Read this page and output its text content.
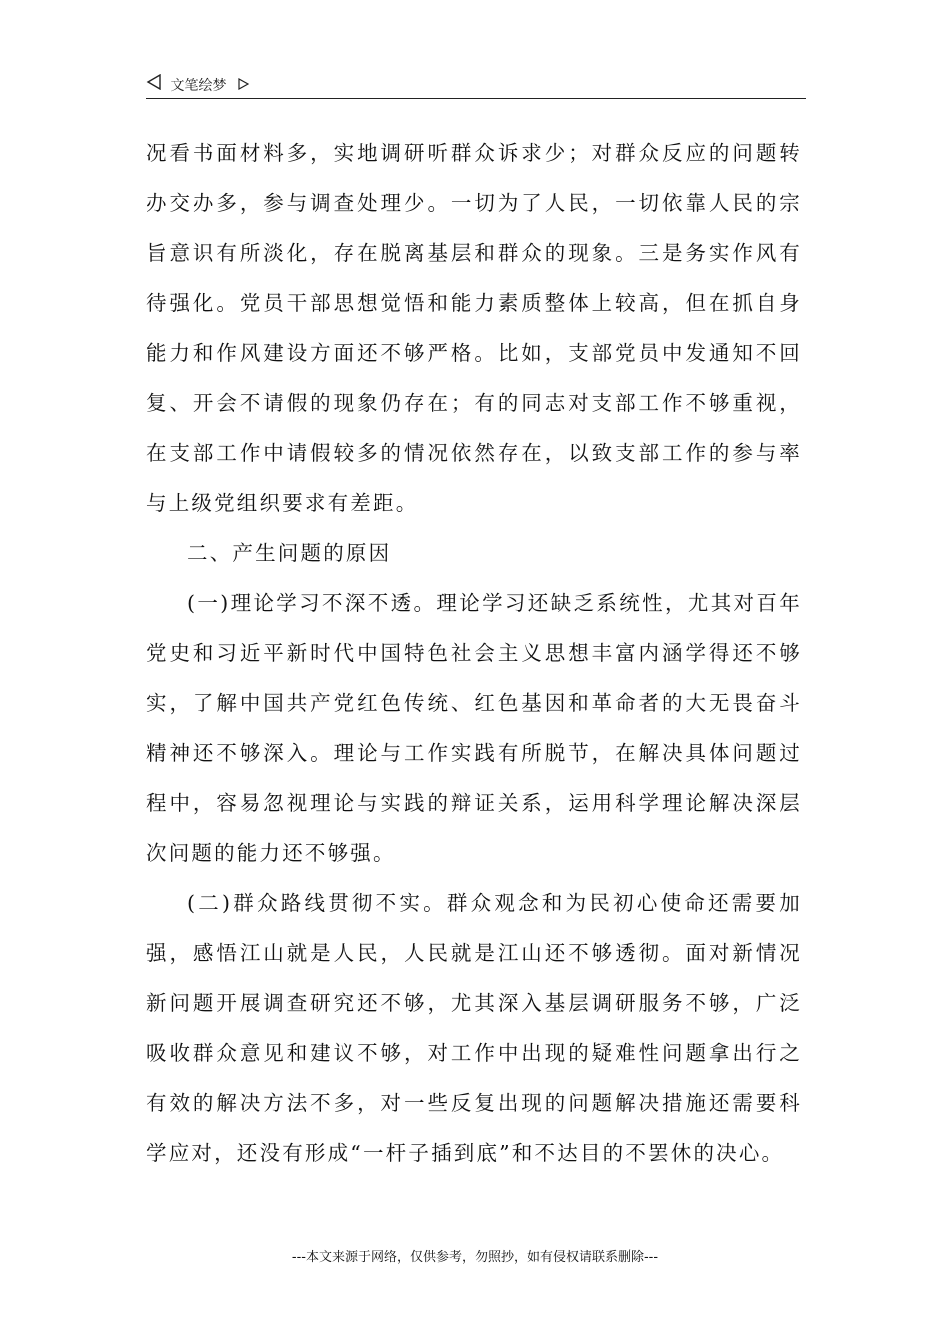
文笔绘梦

况看书面材料多，实地调研听群众诉求少；对群众反应的问题转办交办多，参与调查处理少。一切为了人民，一切依靠人民的宗旨意识有所淡化，存在脱离基层和群众的现象。三是务实作风有待强化。党员干部思想觉悟和能力素质整体上较高，但在抓自身能力和作风建设方面还不够严格。比如，支部党员中发通知不回复、开会不请假的现象仍存在；有的同志对支部工作不够重视，在支部工作中请假较多的情况依然存在，以致支部工作的参与率与上级党组织要求有差距。

二、产生问题的原因

(一)理论学习不深不透。理论学习还缺乏系统性，尤其对百年党史和习近平新时代中国特色社会主义思想丰富内涵学得还不够实，了解中国共产党红色传统、红色基因和革命者的大无畏奋斗精神还不够深入。理论与工作实践有所脱节，在解决具体问题过程中，容易忽视理论与实践的辩证关系，运用科学理论解决深层次问题的能力还不够强。

(二)群众路线贯彻不实。群众观念和为民初心使命还需要加强，感悟江山就是人民，人民就是江山还不够透彻。面对新情况新问题开展调查研究还不够，尤其深入基层调研服务不够，广泛吸收群众意见和建议不够，对工作中出现的疑难性问题拿出行之有效的解决方法不多，对一些反复出现的问题解决措施还需要科学应对，还没有形成“一杆子插到底”和不达目的不罢休的决心。

---本文来源于网络，仅供参考，勿照抄，如有侵权请联系删除---
